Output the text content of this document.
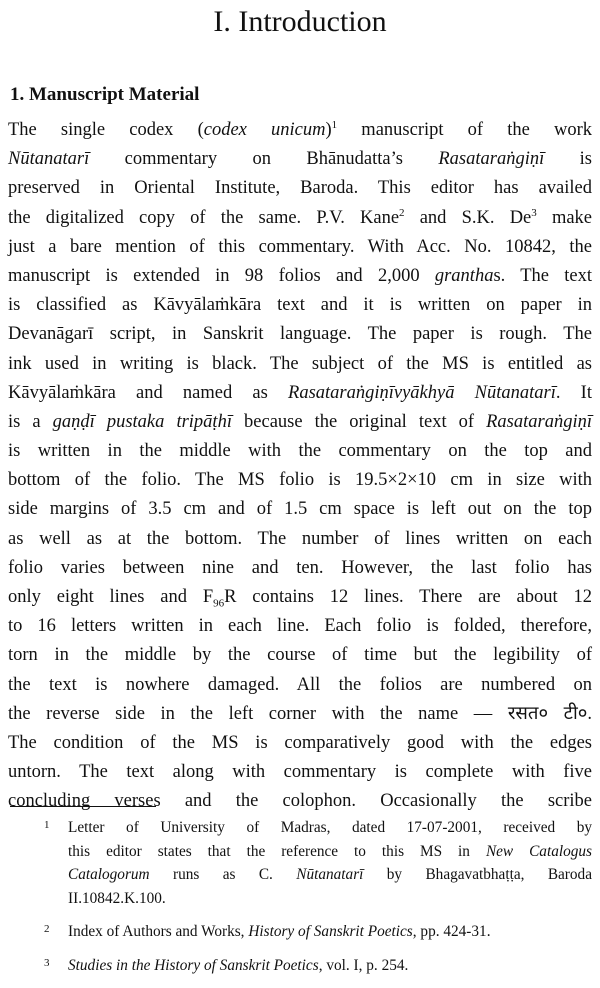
I. Introduction
1. Manuscript Material
The single codex (codex unicum)$^1$ manuscript of the work
Nūtanatarī commentary on Bhānudatta’s Rasataraṅgiṇī is
preserved in Oriental Institute, Baroda. This editor has availed
the digitalized copy of the same. P.V. Kane$^2$ and S.K. De$^3$ make
just a bare mention of this commentary. With Acc. No. 10842, the
manuscript is extended in 98 folios and 2,000 granthas. The text
is classified as Kāvyālaṁkāra text and it is written on paper in
Devanāgarī script, in Sanskrit language. The paper is rough. The
ink used in writing is black. The subject of the MS is entitled as
Kāvyālaṁkāra and named as Rasataraṅgiṇīvyākhyā Nūtanatarī. It
is a gaṇḍī pustaka tripāṭhī because the original text of Rasataraṅgiṇī
is written in the middle with the commentary on the top and
bottom of the folio. The MS folio is 19.5×2×10 cm in size with
side margins of 3.5 cm and of 1.5 cm space is left out on the top
as well as at the bottom. The number of lines written on each
folio varies between nine and ten. However, the last folio has
only eight lines and $F_{96}R$ contains 12 lines. There are about 12
to 16 letters written in each line. Each folio is folded, therefore,
torn in the middle by the course of time but the legibility of
the text is nowhere damaged. All the folios are numbered on
the reverse side in the left corner with the name — रसत० टी०.
The condition of the MS is comparatively good with the edges
untorn. The text along with commentary is complete with five
concluding verses and the colophon. Occasionally the scribe
1 Letter of University of Madras, dated 17-07-2001, received by
this editor states that the reference to this MS in New Catalogus
Catalogorum runs as C. Nūtanatarī by Bhagavatbhaṭṭa, Baroda
II.10842.K.100.
2 Index of Authors and Works, History of Sanskrit Poetics, pp. 424-31.
3 Studies in the History of Sanskrit Poetics, vol. I, p. 254.
